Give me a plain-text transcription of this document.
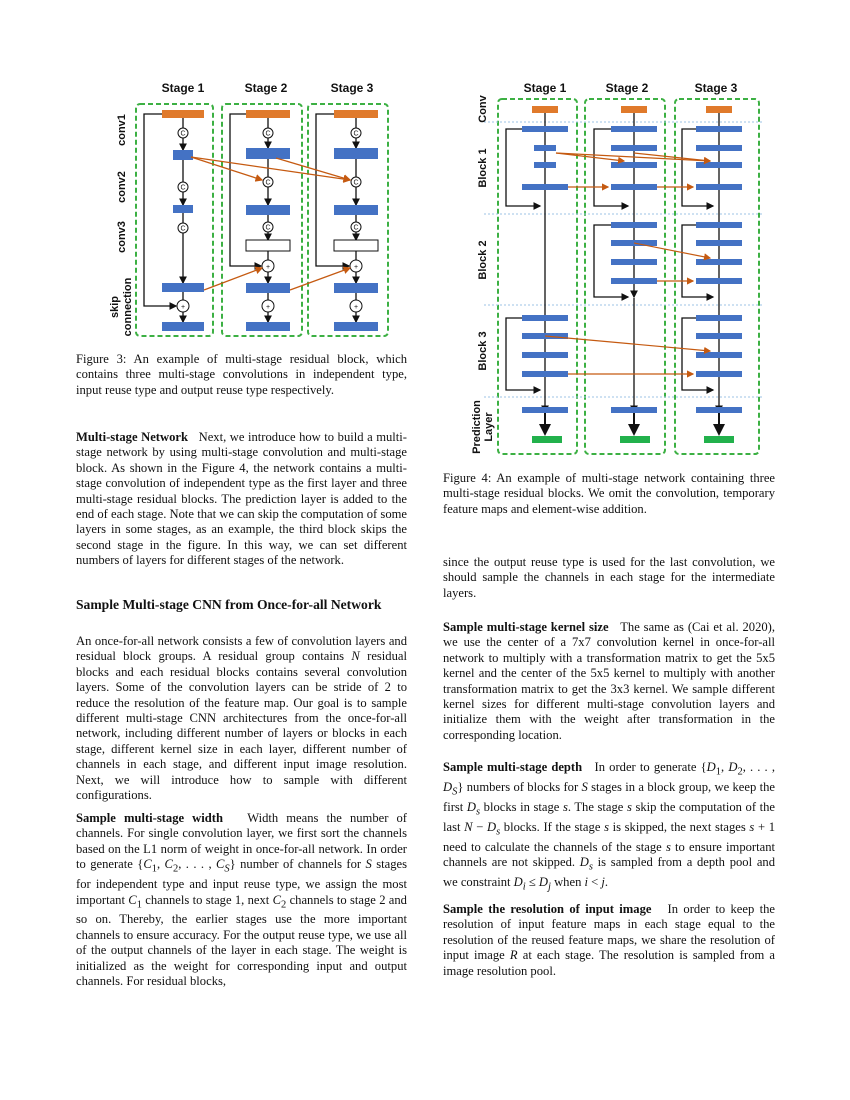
Stage 1	Stage 2	Stage 3
conv1
conv2
conv3
skipconnection
C
C
C
+
C
C
C
+
+
C
C
C
+
+
Figure 3: An example of multi-stage residual block, which contains three multi-stage convolutions in independent type, input reuse type and output reuse type respectively.

Multi-stage Network Next, we introduce how to build a multi-stage network by using multi-stage convolution and multi-stage block. As shown in the Figure 4, the network contains a multi-stage convolution of independent type as the first layer and three multi-stage residual blocks. The prediction layer is added to the end of each stage. Note that we can skip the computation of some layers in some stages, as an example, the third block skips the second stage in the figure. In this way, we can set different numbers of layers for different stages of the network.

Sample Multi-stage CNN from Once-for-all Network

An once-for-all network consists a few of convolution layers and residual block groups. A residual group contains N residual blocks and each residual blocks contains several convolution layers. Some of the convolution layers can be stride of 2 to reduce the resolution of the feature map. Our goal is to sample different multi-stage CNN architectures from the once-for-all network, including different number of layers or blocks in each stage, different kernel size in each layer, different number of channels in each stage, and different input image resolution. Next, we will introduce how to sample with different configurations.

Sample multi-stage width   Width means the number of channels. For single convolution layer, we first sort the channels based on the L1 norm of weight in once-for-all network. In order to generate {$C_1$, $C_2$, . . . , $C_S$} number of channels for S stages for independent type and input reuse type, we assign the most important $C_1$ channels to stage 1, next $C_2$ channels to stage 2 and so on. Thereby, the earlier stages use the more important channels to ensure accuracy. For the output reuse type, we use all of the output channels of the layer in each stage. The weight is initialized as the weight for corresponding input and output channels. For residual blocks,

Stage 1	Stage 2	Stage 3
Conv
Block 1
Block 2
Block 3
PredictionLayer
Figure 4: An example of multi-stage network containing three multi-stage residual blocks. We omit the convolution, temporary feature maps and element-wise addition.
since the output reuse type is used for the last convolution, we should sample the channels in each stage for the intermediate layers.

Sample multi-stage kernel size The same as (Cai et al. 2020), we use the center of a 7x7 convolution kernel in once-for-all network to multiply with a transformation matrix to get the 5x5 kernel and the center of the 5x5 kernel to multiply with another transformation matrix to get the 3x3 kernel. We sample different kernel sizes for different multi-stage convolution layers and initialize them with the weight after transformation in the corresponding location.

Sample multi-stage depth   In order to generate {$D_1$, $D_2$, . . . , $D_S$} numbers of blocks for S stages in a block group, we keep the first $D_s$ blocks in stage s. The stage s skip the computation of the last $N - D_s$ blocks. If the stage s is skipped, the next stages s + 1 need to calculate the channels of the stage s to ensure important channels are not skipped. $D_s$ is sampled from a depth pool and we constraint $D_i \le D_j$ when i < j.

Sample the resolution of input image   In order to keep the resolution of input feature maps in each stage equal to the resolution of the reused feature maps, we share the resolution of input image R at each stage. The resolution is sampled from a image resolution pool.
